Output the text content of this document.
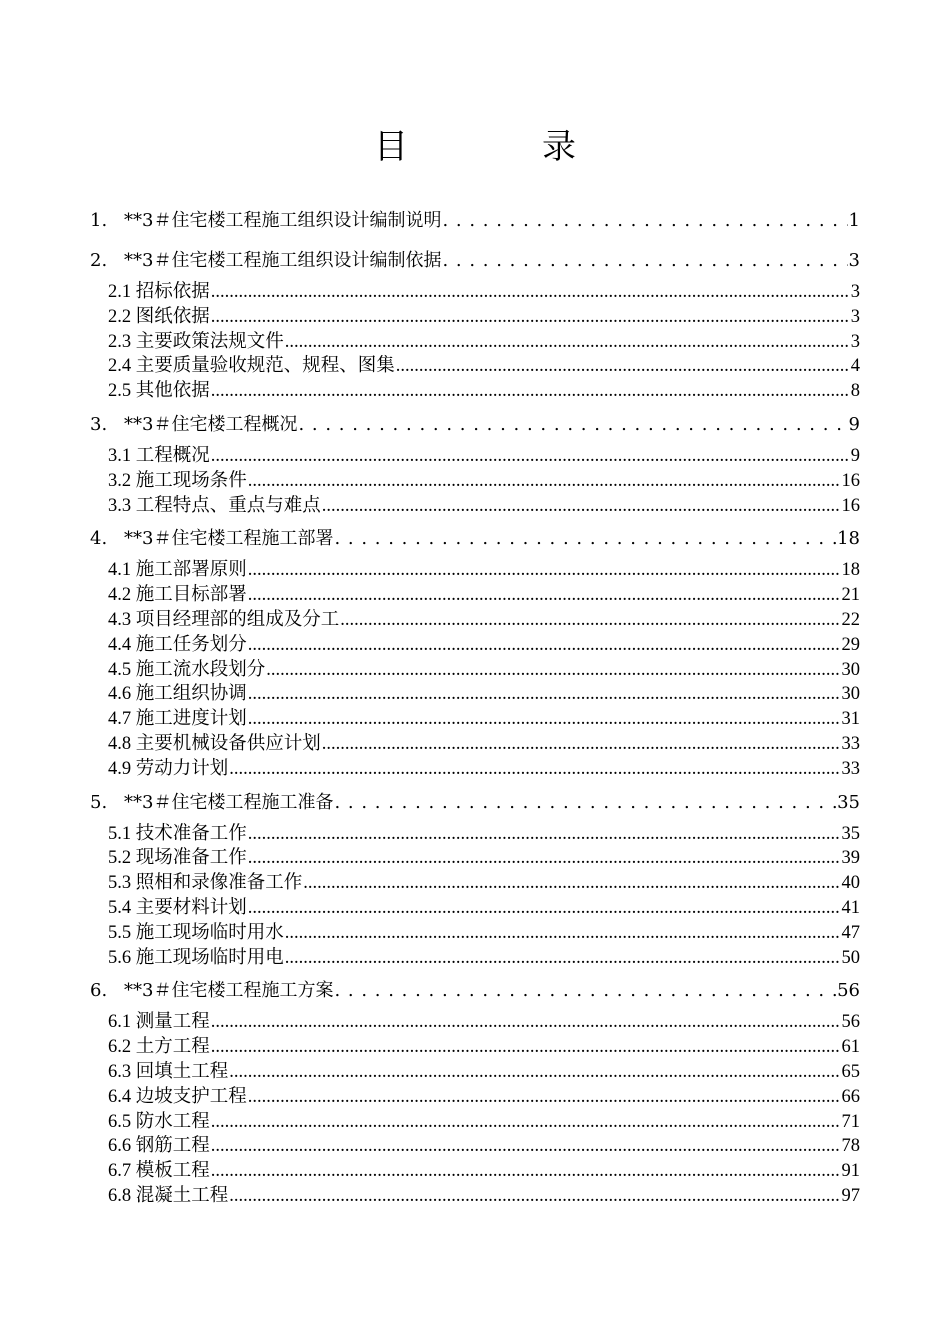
目　录
1. **3＃住宅楼工程施工组织设计编制说明 . . .	1
2. **3＃住宅楼工程施工组织设计编制依据 . . .	3
2.1 招标依据 .....	3
2.2 图纸依据 .....	3
2.3 主要政策法规文件 .....	3
2.4 主要质量验收规范、规程、图集 .....	4
2.5 其他依据 .....	8
3. **3＃住宅楼工程概况 . . .	9
3.1 工程概况 .....	9
3.2 施工现场条件 .....	16
3.3 工程特点、重点与难点 .....	16
4. **3＃住宅楼工程施工部署 . . .	18
4.1 施工部署原则 .....	18
4.2 施工目标部署 .....	21
4.3 项目经理部的组成及分工 .....	22
4.4 施工任务划分 .....	29
4.5 施工流水段划分 .....	30
4.6 施工组织协调 .....	30
4.7 施工进度计划 .....	31
4.8 主要机械设备供应计划 .....	33
4.9 劳动力计划 .....	33
5. **3＃住宅楼工程施工准备 . . .	35
5.1 技术准备工作 .....	35
5.2 现场准备工作 .....	39
5.3 照相和录像准备工作 .....	40
5.4 主要材料计划 .....	41
5.5 施工现场临时用水 .....	47
5.6 施工现场临时用电 .....	50
6. **3＃住宅楼工程施工方案 . . .	56
6.1 测量工程 .....	56
6.2 土方工程 .....	61
6.3 回填土工程 .....	65
6.4 边坡支护工程 .....	66
6.5 防水工程 .....	71
6.6 钢筋工程 .....	78
6.7 模板工程 .....	91
6.8 混凝土工程 .....	97
